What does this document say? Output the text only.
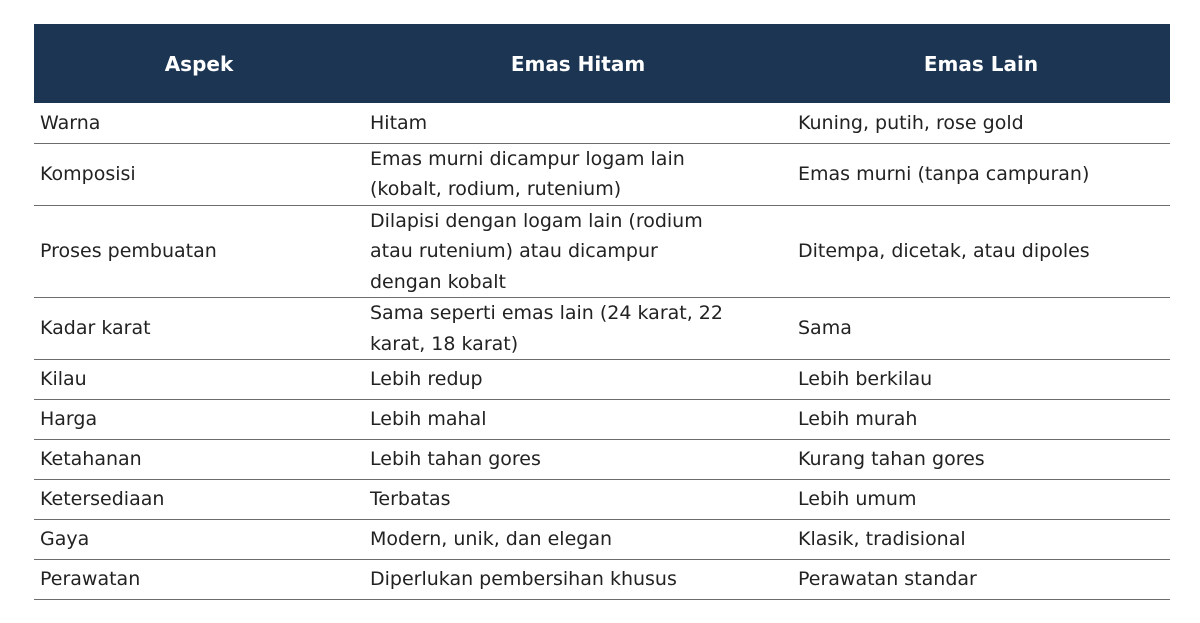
Aspek	Emas Hitam	Emas Lain
Warna	Hitam	Kuning, putih, rose gold
Komposisi	Emas murni dicampur logam lain (kobalt, rodium, rutenium)	Emas murni (tanpa campuran)
Proses pembuatan	Dilapisi dengan logam lain (rodium atau rutenium) atau dicampur dengan kobalt	Ditempa, dicetak, atau dipoles
Kadar karat	Sama seperti emas lain (24 karat, 22 karat, 18 karat)	Sama
Kilau	Lebih redup	Lebih berkilau
Harga	Lebih mahal	Lebih murah
Ketahanan	Lebih tahan gores	Kurang tahan gores
Ketersediaan	Terbatas	Lebih umum
Gaya	Modern, unik, dan elegan	Klasik, tradisional
Perawatan	Diperlukan pembersihan khusus	Perawatan standar
